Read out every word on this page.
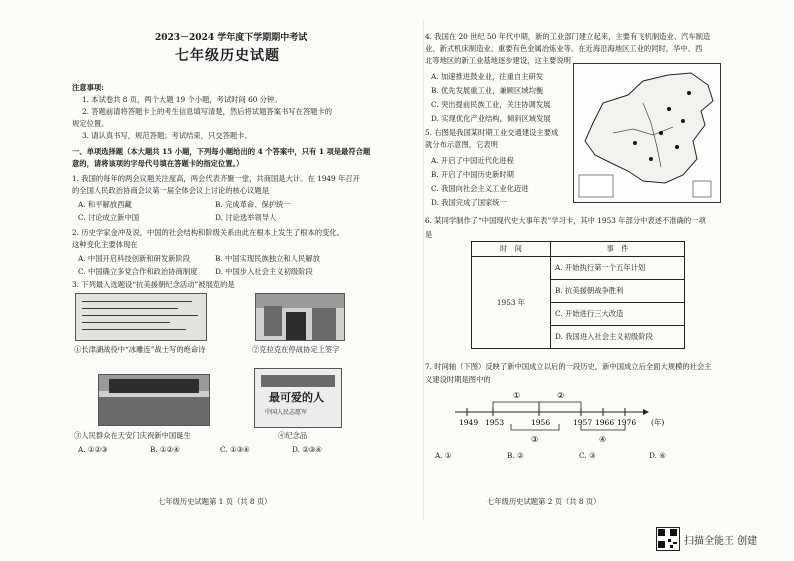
2023－2024 学年度下学期期中考试
七年级历史试题
注意事项:
1. 本试卷共 8 页，两个大题 19 个小题，考试时间 60 分钟。
2. 答题前请将答题卡上的考生信息填写清楚，然后将试题答案书写在答题卡的
规定位置。
3. 请认真书写，规范答题；考试结束，只交答题卡。
一、单项选择题（本大题共 15 小题，下列每小题给出的 4 个答案中，只有 1 项是最符合题
意的，请将该项的字母代号填在答题卡的指定位置。）
1. 我国的每年的两会议题关注度高，两会代表齐聚一堂，共商国是大计。在 1949 年召开
的全国人民政治协商会议第一届全体会议上讨论的核心议题是
A. 和平解放西藏	B. 完成革命、保护统一
C. 讨论成立新中国	D. 讨论选举领导人
2. 历史学家金冲及说，中国的社会结构和阶级关系由此在根本上发生了根本的变化。
这种变化主要体现在
A. 中国开启科技创新和研发新阶段	B. 中国实现民族独立和人民解放
C. 中国确立多党合作和政治协商制度 D. 中国步入社会主义初级阶段
3. 下列最入选题设“抗美援朝纪念活动”被展览的是
①长津湖战役中“冰雕连”战士写的绝命诗	②克拉克在停战协定上签字
最可爱的人
中国人民志愿军
③人民群众在天安门庆祝新中国诞生	④纪念品
A. ①②③	B. ①②④	C. ①③④	D. ②③④
七年级历史试题第 1 页（共 8 页）
4. 我国在 20 世纪 50 年代中期，新的工业部门建立起来，主要有飞机制造业、汽车制造
业、新式机床制造业、重要有色金属冶炼业等。在近海沿海地区工业的同时，华中、西
北等地区的新工业基地逐步建设，这主要说明
A. 加速推进鼓业业，往重自主研发
B. 优先发展重工业，兼顾区域均衡
C. 突出提前民族工业，关注协调发展
D. 实现优化产业结构，倾斜区域发展
5. 右图是我国某时期工业交通建设主要成
就分布示意图，它表明
A. 开启了中国近代化进程
B. 开启了中国历史新时期
C. 我国向社会主义工业化迈进
D. 我国完成了国家统一
6. 某同学制作了“中国现代史大事年表”学习卡，其中 1953 年部分中表述不准确的一项
是
时　间	事　件
1953 年	A. 开始执行第一个五年计划
	B. 抗美援朝战争胜利
	C. 开始进行三大改造
	D. 我国进入社会主义初级阶段
7. 时间轴（下图）反映了新中国成立以后的一段历史，新中国成立后全面大规模的社会主
义建设时期是图中的
1949 1953	1956	1957 1966 1976
①	②
③	④
(年)
A. ①	B. ②	C. ③	D. ④
七年级历史试题第 2 页（共 8 页）
扫描全能王 创建
